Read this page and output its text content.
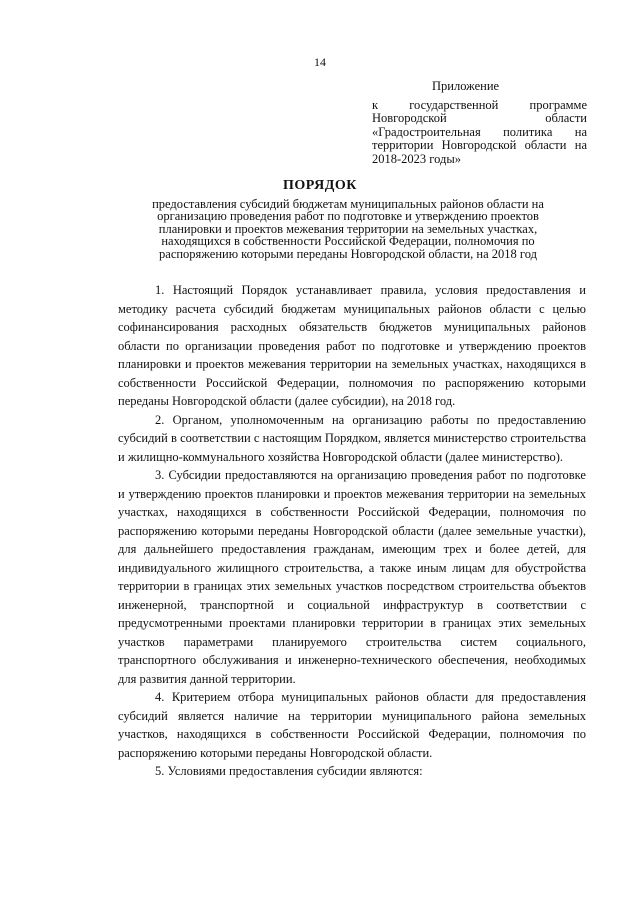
14
Приложение
к государственной программе Новгородской области «Градостроительная политика на территории Новгородской области на 2018-2023 годы»
ПОРЯДОК
предоставления субсидий бюджетам муниципальных районов области на организацию проведения работ по подготовке и утверждению проектов планировки и проектов межевания территории на земельных участках, находящихся в собственности Российской Федерации, полномочия по распоряжению которыми переданы Новгородской области, на 2018 год

1. Настоящий Порядок устанавливает правила, условия предоставления и методику расчета субсидий бюджетам муниципальных районов области с целью софинансирования расходных обязательств бюджетов муниципальных районов области по организации проведения работ по подготовке и утверждению проектов планировки и проектов межевания территории на земельных участках, находящихся в собственности Российской Федерации, полномочия по распоряжению которыми переданы Новгородской области (далее субсидии), на 2018 год.

2. Органом, уполномоченным на организацию работы по предоставлению субсидий в соответствии с настоящим Порядком, является министерство строительства и жилищно-коммунального хозяйства Новгородской области (далее министерство).

3. Субсидии предоставляются на организацию проведения работ по подготовке и утверждению проектов планировки и проектов межевания территории на земельных участках, находящихся в собственности Российской Федерации, полномочия по распоряжению которыми переданы Новгородской области (далее земельные участки), для дальнейшего предоставления гражданам, имеющим трех и более детей, для индивидуального жилищного строительства, а также иным лицам для обустройства территории в границах этих земельных участков посредством строительства объектов инженерной, транспортной и социальной инфраструктур в соответствии с предусмотренными проектами планировки территории в границах этих земельных участков параметрами планируемого строительства систем социального, транспортного обслуживания и инженерно-технического обеспечения, необходимых для развития данной территории.

4. Критерием отбора муниципальных районов области для предоставления субсидий является наличие на территории муниципального района земельных участков, находящихся в собственности Российской Федерации, полномочия по распоряжению которыми переданы Новгородской области.

5. Условиями предоставления субсидии являются:
